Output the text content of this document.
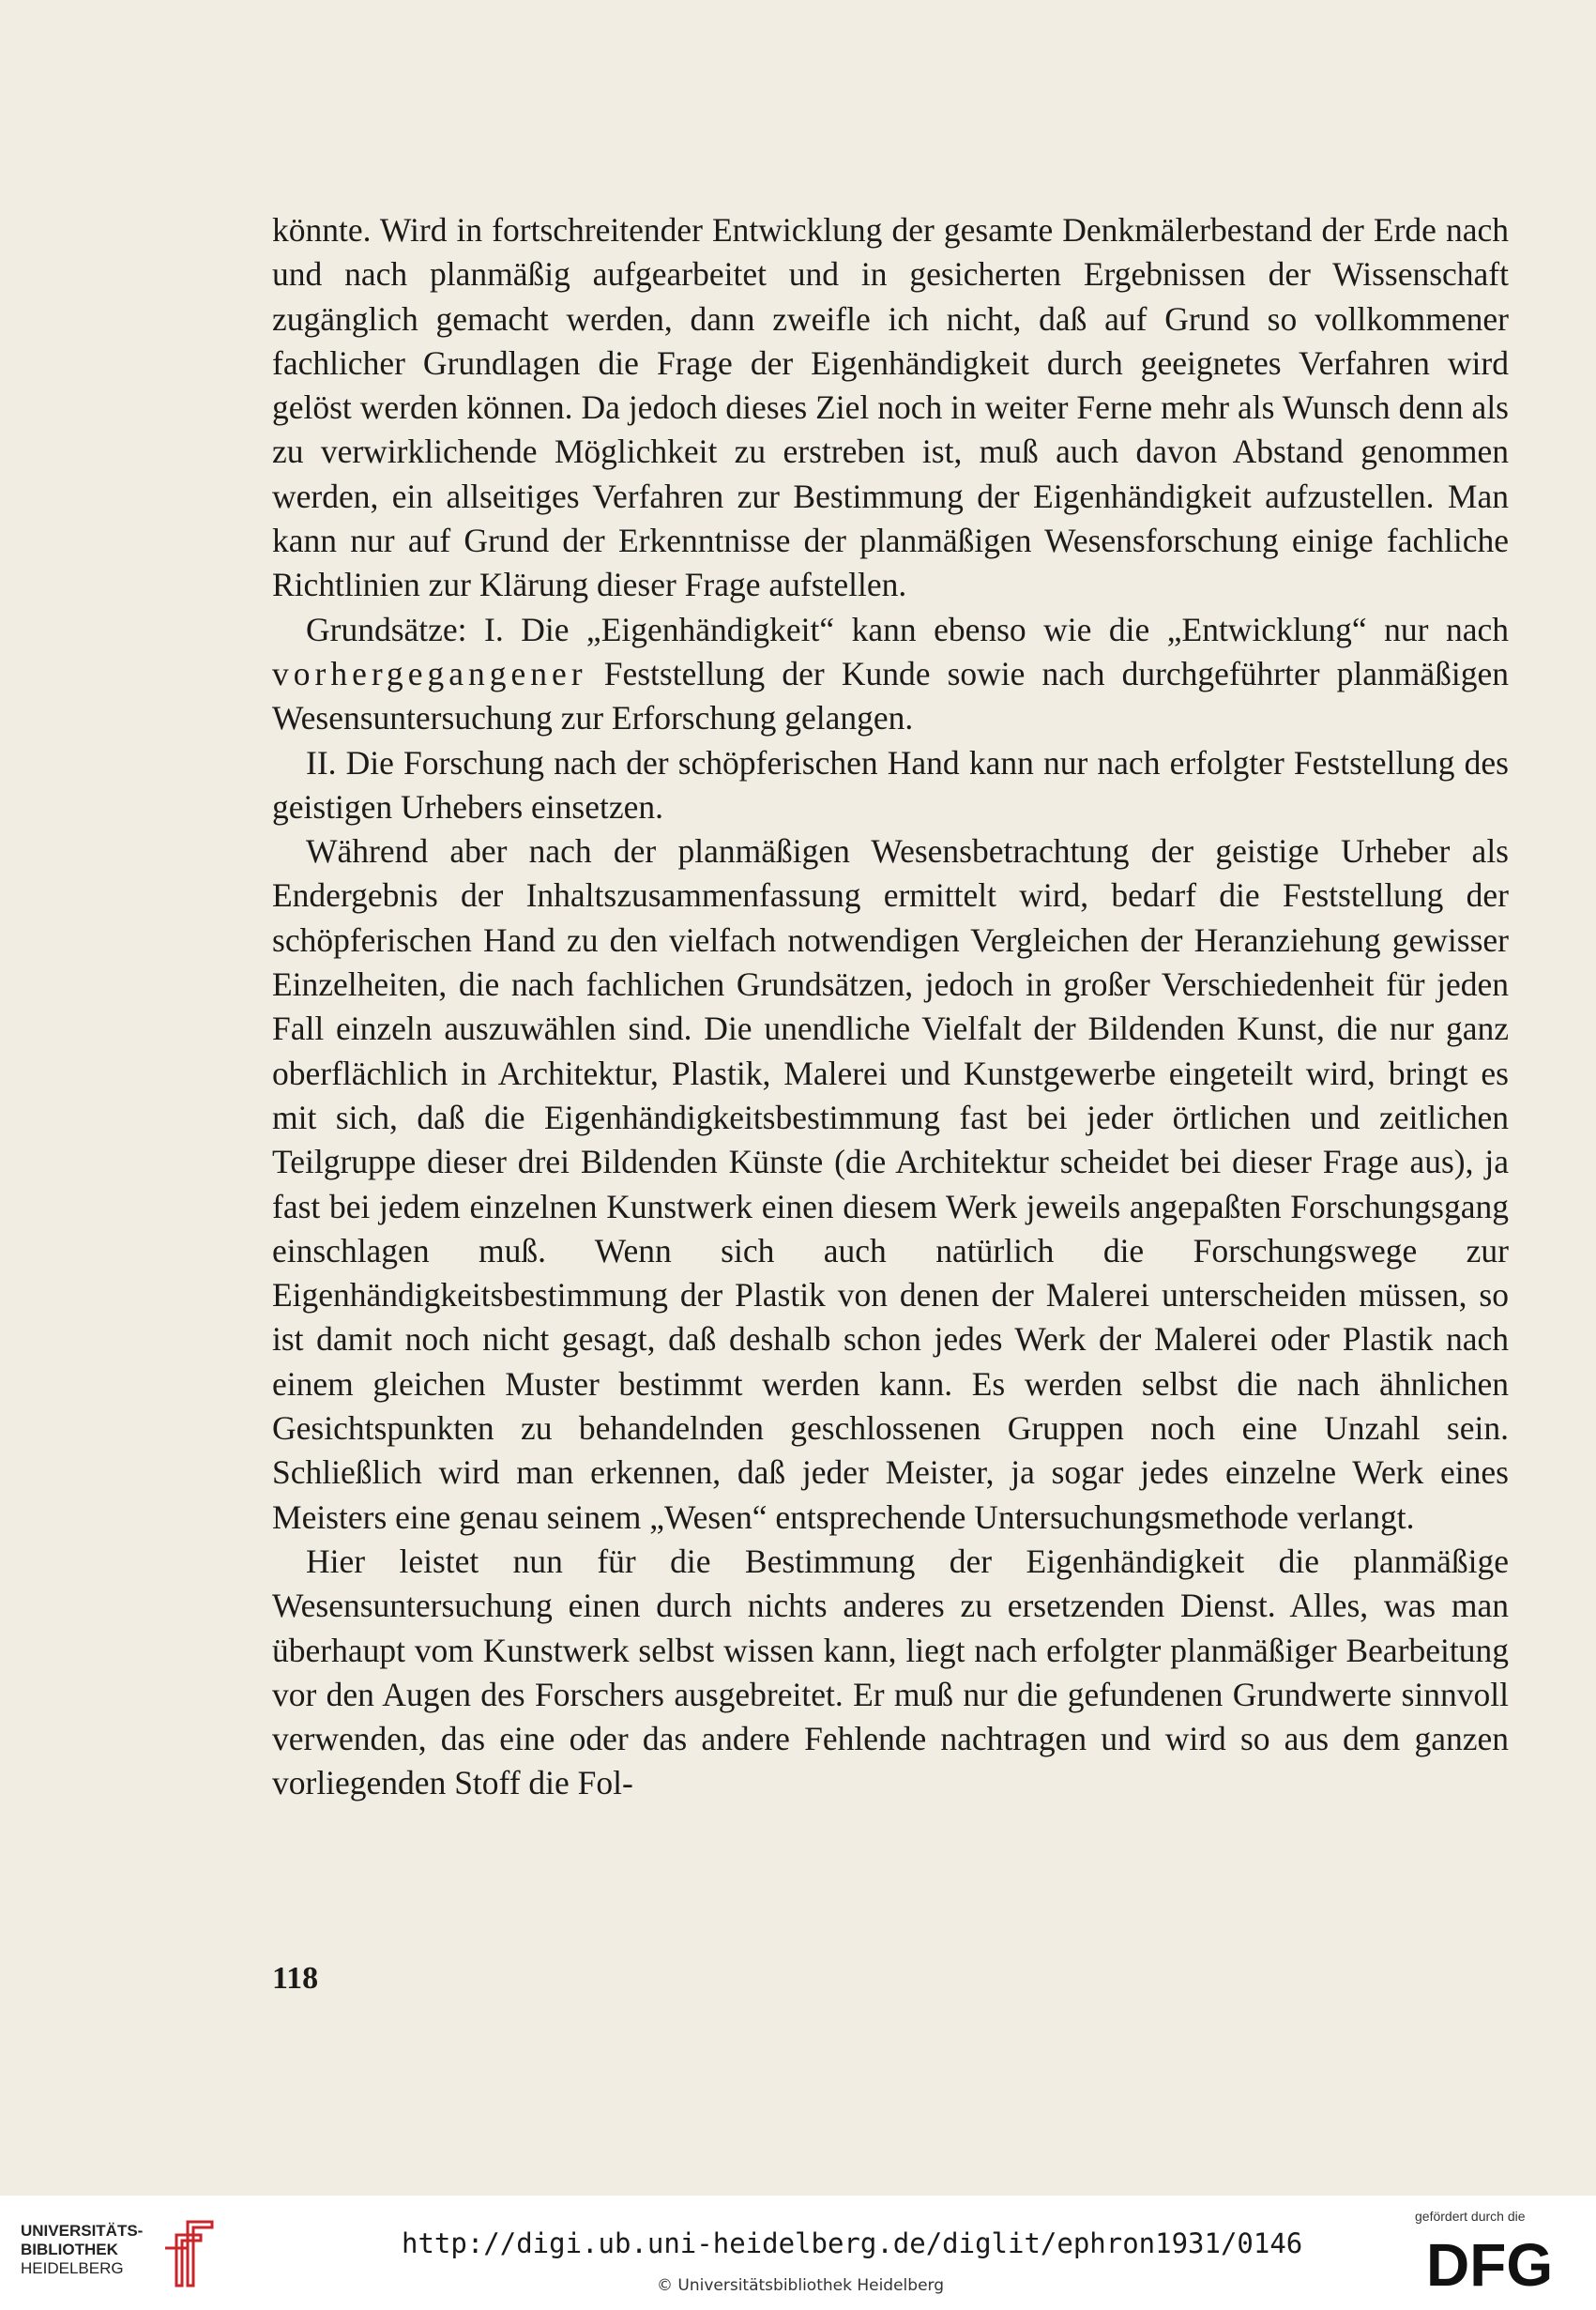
könnte. Wird in fortschreitender Entwicklung der gesamte Denkmälerbestand der Erde nach und nach planmäßig aufgearbeitet und in gesicherten Ergebnissen der Wissenschaft zugänglich gemacht werden, dann zweifle ich nicht, daß auf Grund so vollkommener fachlicher Grundlagen die Frage der Eigenhändigkeit durch geeignetes Verfahren wird gelöst werden können. Da jedoch dieses Ziel noch in weiter Ferne mehr als Wunsch denn als zu verwirklichende Möglichkeit zu erstreben ist, muß auch davon Abstand genommen werden, ein allseitiges Verfahren zur Bestimmung der Eigenhändigkeit aufzustellen. Man kann nur auf Grund der Erkenntnisse der planmäßigen Wesensforschung einige fachliche Richtlinien zur Klärung dieser Frage aufstellen.

Grundsätze: I. Die „Eigenhändigkeit“ kann ebenso wie die „Entwicklung“ nur nach vorhergegangener Feststellung der Kunde sowie nach durchgeführter planmäßigen Wesensuntersuchung zur Erforschung gelangen.

II. Die Forschung nach der schöpferischen Hand kann nur nach erfolgter Feststellung des geistigen Urhebers einsetzen.

Während aber nach der planmäßigen Wesensbetrachtung der geistige Urheber als Endergebnis der Inhaltszusammenfassung ermittelt wird, bedarf die Feststellung der schöpferischen Hand zu den vielfach notwendigen Vergleichen der Heranziehung gewisser Einzelheiten, die nach fachlichen Grundsätzen, jedoch in großer Verschiedenheit für jeden Fall einzeln auszuwählen sind. Die unendliche Vielfalt der Bildenden Kunst, die nur ganz oberflächlich in Architektur, Plastik, Malerei und Kunstgewerbe eingeteilt wird, bringt es mit sich, daß die Eigenhändigkeitsbestimmung fast bei jeder örtlichen und zeitlichen Teilgruppe dieser drei Bildenden Künste (die Architektur scheidet bei dieser Frage aus), ja fast bei jedem einzelnen Kunstwerk einen diesem Werk jeweils angepaßten Forschungsgang einschlagen muß. Wenn sich auch natürlich die Forschungswege zur Eigenhändigkeitsbestimmung der Plastik von denen der Malerei unterscheiden müssen, so ist damit noch nicht gesagt, daß deshalb schon jedes Werk der Malerei oder Plastik nach einem gleichen Muster bestimmt werden kann. Es werden selbst die nach ähnlichen Gesichtspunkten zu behandelnden geschlossenen Gruppen noch eine Unzahl sein. Schließlich wird man erkennen, daß jeder Meister, ja sogar jedes einzelne Werk eines Meisters eine genau seinem „Wesen“ entsprechende Untersuchungsmethode verlangt.

Hier leistet nun für die Bestimmung der Eigenhändigkeit die planmäßige Wesensuntersuchung einen durch nichts anderes zu ersetzenden Dienst. Alles, was man überhaupt vom Kunstwerk selbst wissen kann, liegt nach erfolgter planmäßiger Bearbeitung vor den Augen des Forschers ausgebreitet. Er muß nur die gefundenen Grundwerte sinnvoll verwenden, das eine oder das andere Fehlende nachtragen und wird so aus dem ganzen vorliegenden Stoff die Fol-

118
UNIVERSITÄTS-
BIBLIOTHEK
HEIDELBERG
http://digi.ub.uni-heidelberg.de/diglit/ephron1931/0146
© Universitätsbibliothek Heidelberg
gefördert durch die
DFG
